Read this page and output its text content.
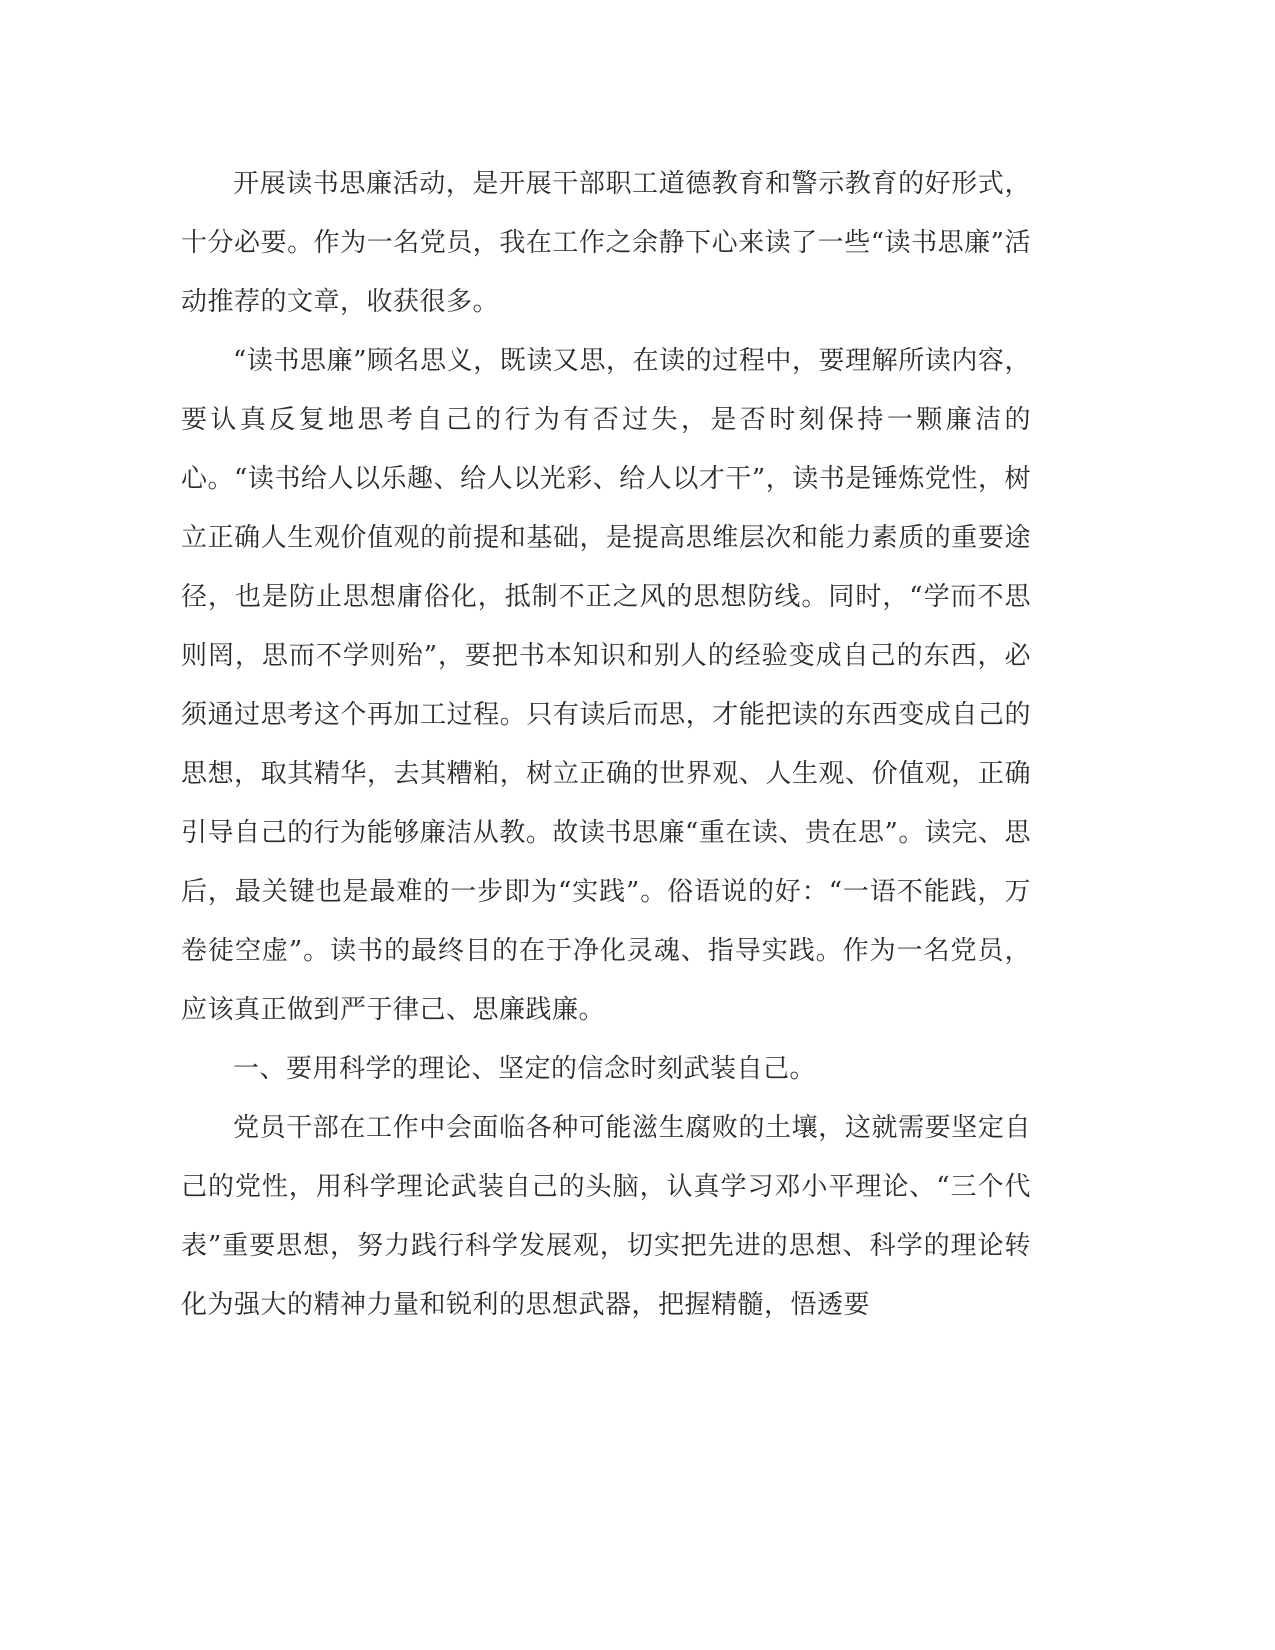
开展读书思廉活动，是开展干部职工道德教育和警示教育的好形式，十分必要。作为一名党员，我在工作之余静下心来读了一些“读书思廉”活动推荐的文章，收获很多。

“读书思廉”顾名思义，既读又思，在读的过程中，要理解所读内容，要认真反复地思考自己的行为有否过失，是否时刻保持一颗廉洁的心。“读书给人以乐趣、给人以光彩、给人以才干”，读书是锤炼党性，树立正确人生观价值观的前提和基础，是提高思维层次和能力素质的重要途径，也是防止思想庸俗化，抵制不正之风的思想防线。同时，“学而不思则罔，思而不学则殆”，要把书本知识和别人的经验变成自己的东西，必须通过思考这个再加工过程。只有读后而思，才能把读的东西变成自己的思想，取其精华，去其糟粕，树立正确的世界观、人生观、价值观，正确引导自己的行为能够廉洁从教。故读书思廉“重在读、贵在思”。读完、思后，最关键也是最难的一步即为“实践”。俗语说的好：“一语不能践，万卷徒空虚”。读书的最终目的在于净化灵魂、指导实践。作为一名党员，应该真正做到严于律己、思廉践廉。

一、要用科学的理论、坚定的信念时刻武装自己。

党员干部在工作中会面临各种可能滋生腐败的土壤，这就需要坚定自己的党性，用科学理论武装自己的头脑，认真学习邓小平理论、“三个代表”重要思想，努力践行科学发展观，切实把先进的思想、科学的理论转化为强大的精神力量和锐利的思想武器，把握精髓，悟透要
